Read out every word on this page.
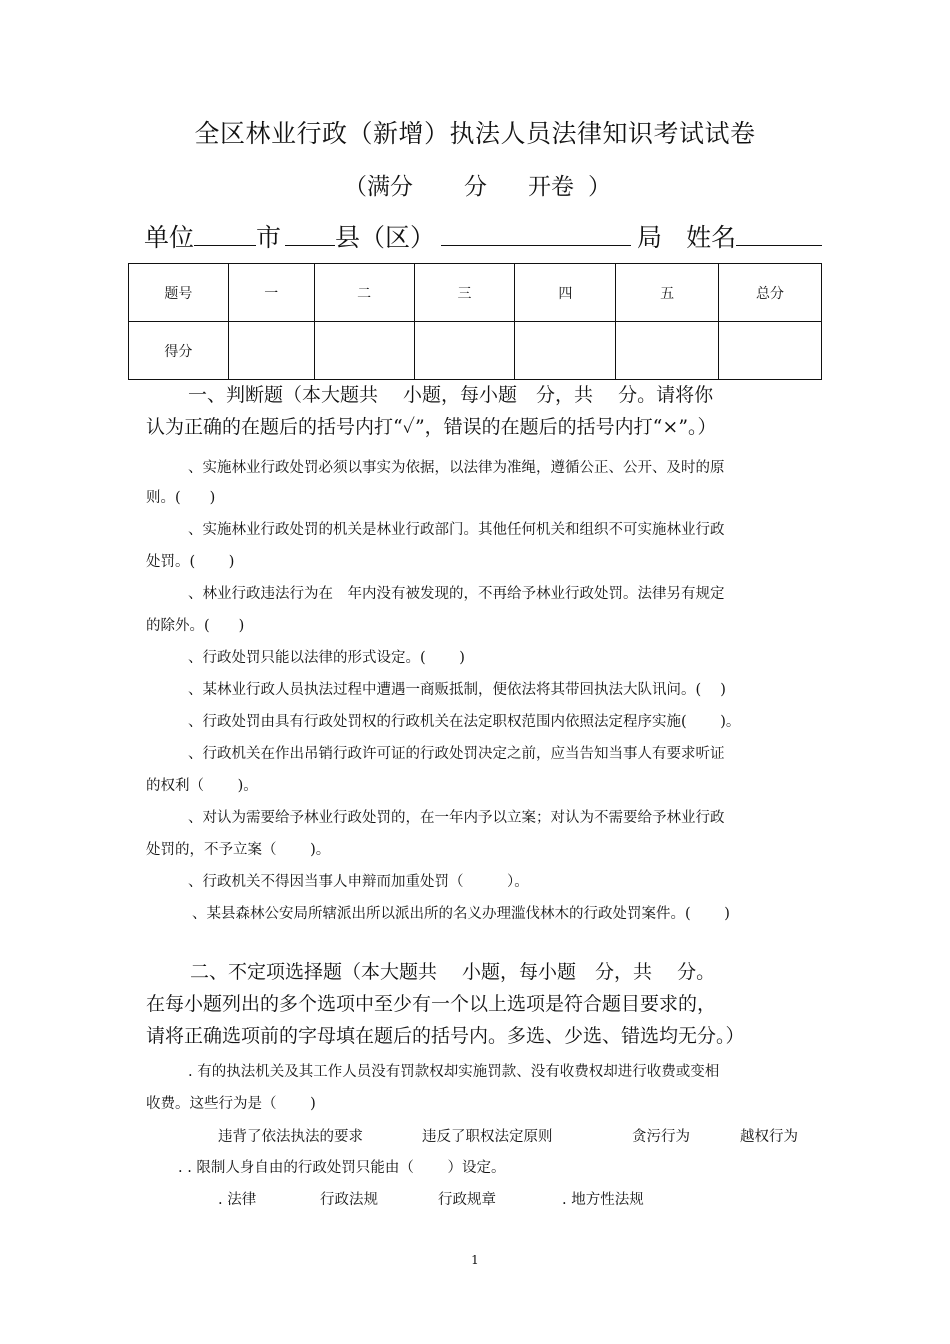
全区林业行政（新增）执法人员法律知识考试试卷
（满分 分 开卷 ）
单位 市 县（区）	局 姓名
题号	一	二	三	四	五	总分
得分						
一、判断题（本大题共　 小题，每小题　分，共　 分。请将你
认为正确的在题后的括号内打“✓”，错误的在题后的括号内打“×”。）
、实施林业行政处罚必须以事实为依据，以法律为准绳，遵循公正、公开、及时的原
则。(　　)
、实施林业行政处罚的机关是林业行政部门。其他任何机关和组织不可实施林业行政
处罚。(　　 )
、林业行政违法行为在　年内没有被发现的，不再给予林业行政处罚。法律另有规定
的除外。(　　)
、行政处罚只能以法律的形式设定。(　　 )
、某林业行政人员执法过程中遭遇一商贩抵制，便依法将其带回执法大队讯问。(　 )
、行政处罚由具有行政处罚权的行政机关在法定职权范围内依照法定程序实施(　　 )。
、行政机关在作出吊销行政许可证的行政处罚决定之前，应当告知当事人有要求听证
的权利（　　 )。
、对认为需要给予林业行政处罚的，在一年内予以立案；对认为不需要给予林业行政
处罚的，不予立案（　　 )。
、行政机关不得因当事人申辩而加重处罚（　　　）。
、某县森林公安局所辖派出所以派出所的名义办理滥伐林木的行政处罚案件。(　　 )
二、不定项选择题（本大题共　 小题，每小题　分，共　 分。
在每小题列出的多个选项中至少有一个以上选项是符合题目要求的，
请将正确选项前的字母填在题后的括号内。多选、少选、错选均无分。）
. 有的执法机关及其工作人员没有罚款权却实施罚款、没有收费权却进行收费或变相
收费。这些行为是（　　 )
违背了依法执法的要求	违反了职权法定原则	贪污行为	越权行为
. . 限制人身自由的行政处罚只能由（　　 ）设定。
. 法律	行政法规	行政规章	. 地方性法规
1
